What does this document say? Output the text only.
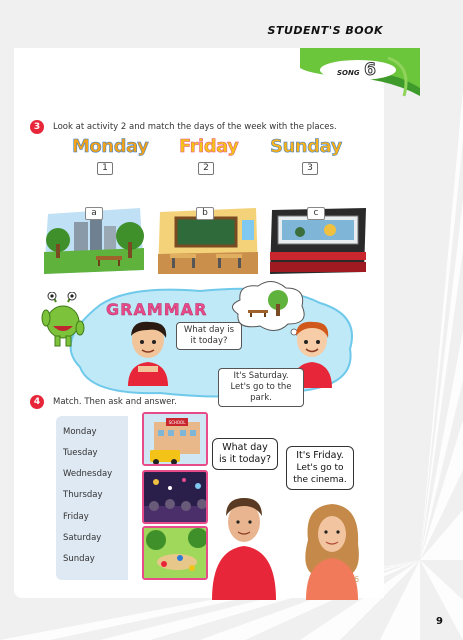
STUDENT'S BOOK
SONG 6
3	Look at activity 2 and match the days of the week with the places.
Monday Friday Sunday
1	2	3
a	b	c
GRAMMAR
What day is it today?
It's Saturday. Let's go to the park.
4	Match. Then ask and answer.
Monday
Tuesday
Wednesday
Thursday
Friday
Saturday
Sunday
SCHOOL
What day is it today?	It's Friday.
Let's go to the cinema.
6
9
